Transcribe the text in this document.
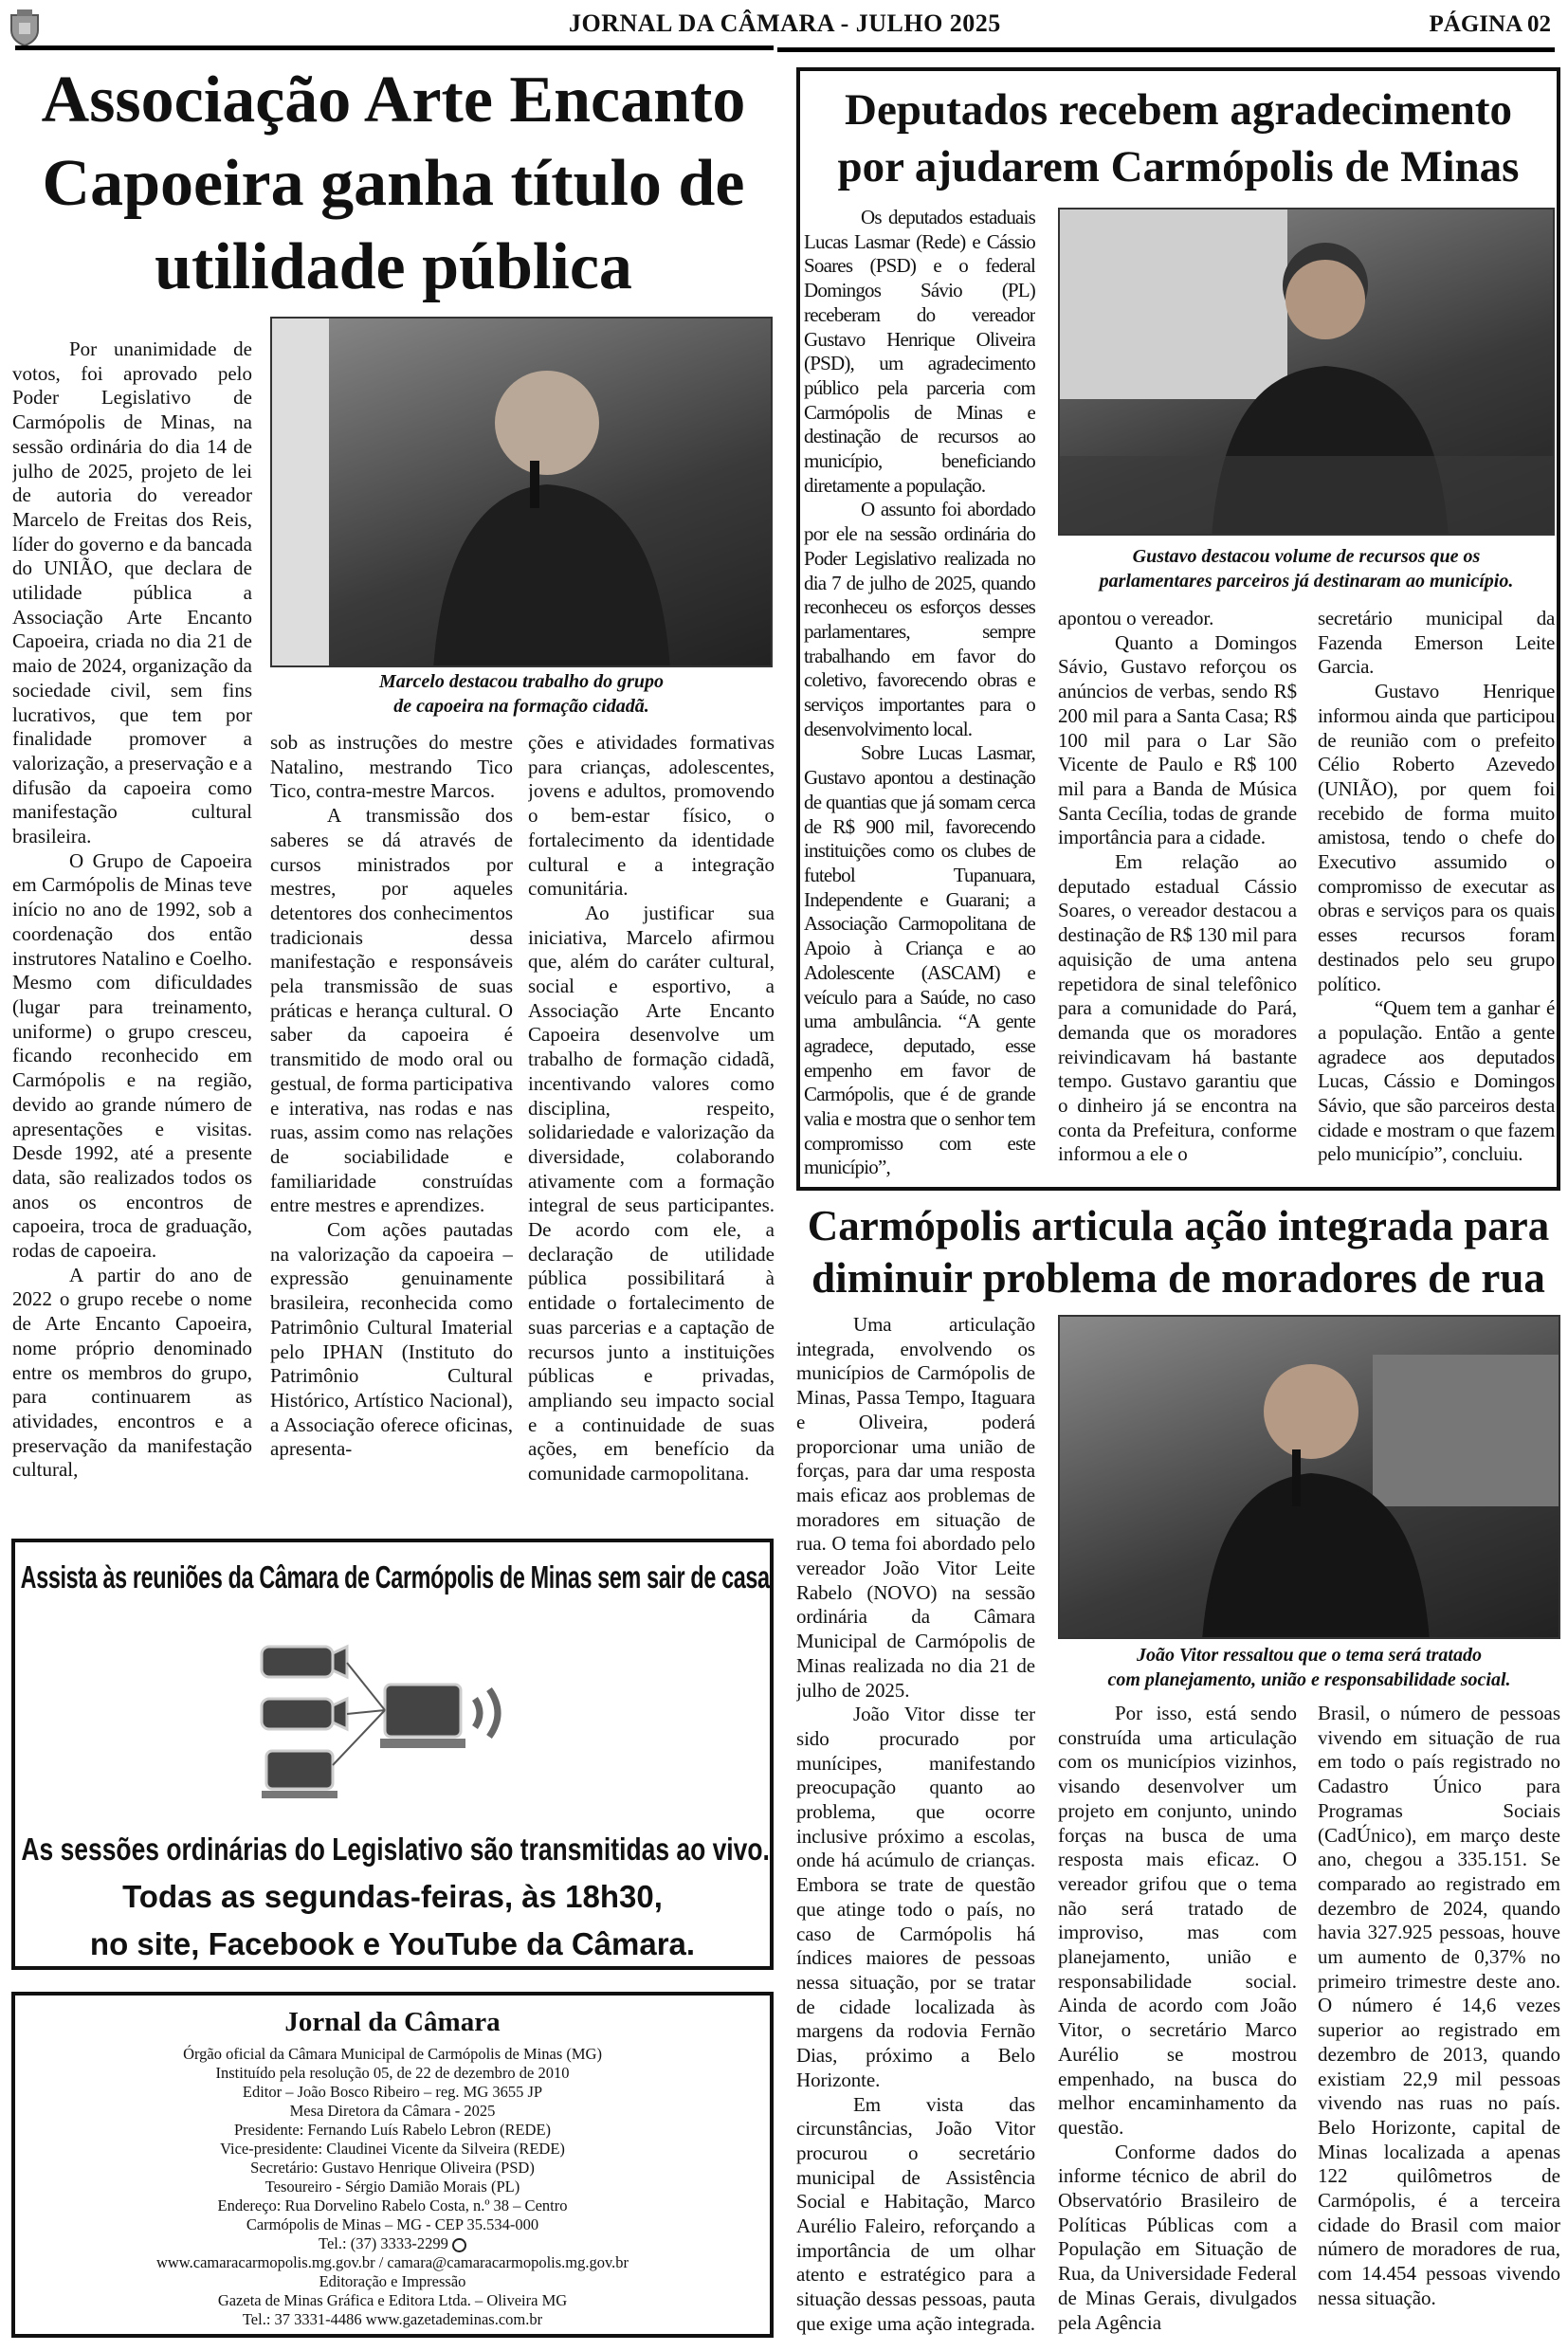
JORNAL DA CÂMARA - JULHO 2025	PÁGINA 02
Associação Arte Encanto
Capoeira ganha título de
utilidade pública
Marcelo destacou trabalho do grupo
de capoeira na formação cidadã.

Por unanimidade de votos, foi aprovado pelo Poder Legislativo de Carmópolis de Minas, na sessão ordinária do dia 14 de julho de 2025, projeto de lei de autoria do vereador Marcelo de Freitas dos Reis, líder do governo e da bancada do UNIÃO, que declara de utilidade pública a Associação Arte Encanto Capoeira, criada no dia 21 de maio de 2024, organização da sociedade civil, sem fins lucrativos, que tem por finalidade promover a valorização, a preservação e a difusão da capoeira como manifestação cultural brasileira.

O Grupo de Capoeira em Carmópolis de Minas teve início no ano de 1992, sob a coordenação dos então instrutores Natalino e Coelho. Mesmo com dificuldades (lugar para treinamento, uniforme) o grupo cresceu, ficando reconhecido em Carmópolis e na região, devido ao grande número de apresentações e visitas. Desde 1992, até a presente data, são realizados todos os anos os encontros de capoeira, troca de graduação, rodas de capoeira.

A partir do ano de 2022 o grupo recebe o nome de Arte Encanto Capoeira, nome próprio denominado entre os membros do grupo, para continuarem as atividades, encontros e a preservação da manifestação cultural,

sob as instruções do mestre Natalino, mestrando Tico Tico, contra-mestre Marcos.

A transmissão dos saberes se dá através de cursos ministrados por mestres, por aqueles detentores dos conhecimentos tradicionais dessa manifestação e responsáveis pela transmissão de suas práticas e herança cultural. O saber da capoeira é transmitido de modo oral ou gestual, de forma participativa e interativa, nas rodas e nas ruas, assim como nas relações de sociabilidade e familiaridade construídas entre mestres e aprendizes.

Com ações pautadas na valorização da capoeira – expressão genuinamente brasileira, reconhecida como Patrimônio Cultural Imaterial pelo IPHAN (Instituto do Patrimônio Cultural Histórico, Artístico Nacional), a Associação oferece oficinas, apresenta-

ções e atividades formativas para crianças, adolescentes, jovens e adultos, promovendo o bem-estar físico, o fortalecimento da identidade cultural e a integração comunitária.

Ao justificar sua iniciativa, Marcelo afirmou que, além do caráter cultural, social e esportivo, a Associação Arte Encanto Capoeira desenvolve um trabalho de formação cidadã, incentivando valores como disciplina, respeito, solidariedade e valorização da diversidade, colaborando ativamente com a formação integral de seus participantes. De acordo com ele, a declaração de utilidade pública possibilitará à entidade o fortalecimento de suas parcerias e a captação de recursos junto a instituições públicas e privadas, ampliando seu impacto social e a continuidade de suas ações, em benefício da comunidade carmopolitana.

Assista às reuniões da Câmara de Carmópolis de Minas sem sair de casa
As sessões ordinárias do Legislativo são transmitidas ao vivo.
Todas as segundas-feiras, às 18h30,
no site, Facebook e YouTube da Câmara.
Jornal da Câmara
Órgão oficial da Câmara Municipal de Carmópolis de Minas (MG)
Instituído pela resolução 05, de 22 de dezembro de 2010
Editor – João Bosco Ribeiro – reg. MG 3655 JP
Mesa Diretora da Câmara - 2025
Presidente: Fernando Luís Rabelo Lebron (REDE)
Vice-presidente: Claudinei Vicente da Silveira (REDE)
Secretário: Gustavo Henrique Oliveira (PSD)
Tesoureiro - Sérgio Damião Morais (PL)
Endereço: Rua Dorvelino Rabelo Costa, n.º 38 – Centro
Carmópolis de Minas – MG - CEP 35.534-000
Tel.: (37) 3333-2299
www.camaracarmopolis.mg.gov.br / camara@camaracarmopolis.mg.gov.br
Editoração e Impressão
Gazeta de Minas Gráfica e Editora Ltda. – Oliveira MG
Tel.: 37 3331-4486 www.gazetademinas.com.br
Deputados recebem agradecimento
por ajudarem Carmópolis de Minas
Gustavo destacou volume de recursos que os
parlamentares parceiros já destinaram ao município.

Os deputados estaduais Lucas Lasmar (Rede) e Cássio Soares (PSD) e o federal Domingos Sávio (PL) receberam do vereador Gustavo Henrique Oliveira (PSD), um agradecimento público pela parceria com Carmópolis de Minas e destinação de recursos ao município, beneficiando diretamente a população.

O assunto foi abordado por ele na sessão ordinária do Poder Legislativo realizada no dia 7 de julho de 2025, quando reconheceu os esforços desses parlamentares, sempre trabalhando em favor do coletivo, favorecendo obras e serviços importantes para o desenvolvimento local.

Sobre Lucas Lasmar, Gustavo apontou a destinação de quantias que já somam cerca de R$ 900 mil, favorecendo instituições como os clubes de futebol Tupanuara, Independente e Guarani; a Associação Carmopolitana de Apoio à Criança e ao Adolescente (ASCAM) e veículo para a Saúde, no caso uma ambulância. “A gente agradece, deputado, esse empenho em favor de Carmópolis, que é de grande valia e mostra que o senhor tem compromisso com este município”,

apontou o vereador.

Quanto a Domingos Sávio, Gustavo reforçou os anúncios de verbas, sendo R$ 200 mil para a Santa Casa; R$ 100 mil para o Lar São Vicente de Paulo e R$ 100 mil para a Banda de Música Santa Cecília, todas de grande importância para a cidade.

Em relação ao deputado estadual Cássio Soares, o vereador destacou a destinação de R$ 130 mil para aquisição de uma antena repetidora de sinal telefônico para a comunidade do Pará, demanda que os moradores reivindicavam há bastante tempo. Gustavo garantiu que o dinheiro já se encontra na conta da Prefeitura, conforme informou a ele o

secretário municipal da Fazenda Emerson Leite Garcia.

Gustavo Henrique informou ainda que participou de reunião com o prefeito Célio Roberto Azevedo (UNIÃO), por quem foi recebido de forma muito amistosa, tendo o chefe do Executivo assumido o compromisso de executar as obras e serviços para os quais esses recursos foram destinados pelo seu grupo político.

“Quem tem a ganhar é a população. Então a gente agradece aos deputados Lucas, Cássio e Domingos Sávio, que são parceiros desta cidade e mostram o que fazem pelo município”, concluiu.

Carmópolis articula ação integrada para
diminuir problema de moradores de rua
João Vitor ressaltou que o tema será tratado
com planejamento, união e responsabilidade social.

Uma articulação integrada, envolvendo os municípios de Carmópolis de Minas, Passa Tempo, Itaguara e Oliveira, poderá proporcionar uma união de forças, para dar uma resposta mais eficaz aos problemas de moradores em situação de rua. O tema foi abordado pelo vereador João Vitor Leite Rabelo (NOVO) na sessão ordinária da Câmara Municipal de Carmópolis de Minas realizada no dia 21 de julho de 2025.

João Vitor disse ter sido procurado por munícipes, manifestando preocupação quanto ao problema, que ocorre inclusive próximo a escolas, onde há acúmulo de crianças. Embora se trate de questão que atinge todo o país, no caso de Carmópolis há índices maiores de pessoas nessa situação, por se tratar de cidade localizada às margens da rodovia Fernão Dias, próximo a Belo Horizonte.

Em vista das circunstâncias, João Vitor procurou o secretário municipal de Assistência Social e Habitação, Marco Aurélio Faleiro, reforçando a importância de um olhar atento e estratégico para a situação dessas pessoas, pauta que exige uma ação integrada.

Por isso, está sendo construída uma articulação com os municípios vizinhos, visando desenvolver um projeto em conjunto, unindo forças na busca de uma resposta mais eficaz. O vereador grifou que o tema não será tratado de improviso, mas com planejamento, união e responsabilidade social. Ainda de acordo com João Vitor, o secretário Marco Aurélio se mostrou empenhado, na busca do melhor encaminhamento da questão.

Conforme dados do informe técnico de abril do Observatório Brasileiro de Políticas Públicas com a População em Situação de Rua, da Universidade Federal de Minas Gerais, divulgados pela Agência

Brasil, o número de pessoas vivendo em situação de rua em todo o país registrado no Cadastro Único para Programas Sociais (CadÚnico), em março deste ano, chegou a 335.151. Se comparado ao registrado em dezembro de 2024, quando havia 327.925 pessoas, houve um aumento de 0,37% no primeiro trimestre deste ano. O número é 14,6 vezes superior ao registrado em dezembro de 2013, quando existiam 22,9 mil pessoas vivendo nas ruas no país. Belo Horizonte, capital de Minas localizada a apenas 122 quilômetros de Carmópolis, é a terceira cidade do Brasil com maior número de moradores de rua, com 14.454 pessoas vivendo nessa situação.
